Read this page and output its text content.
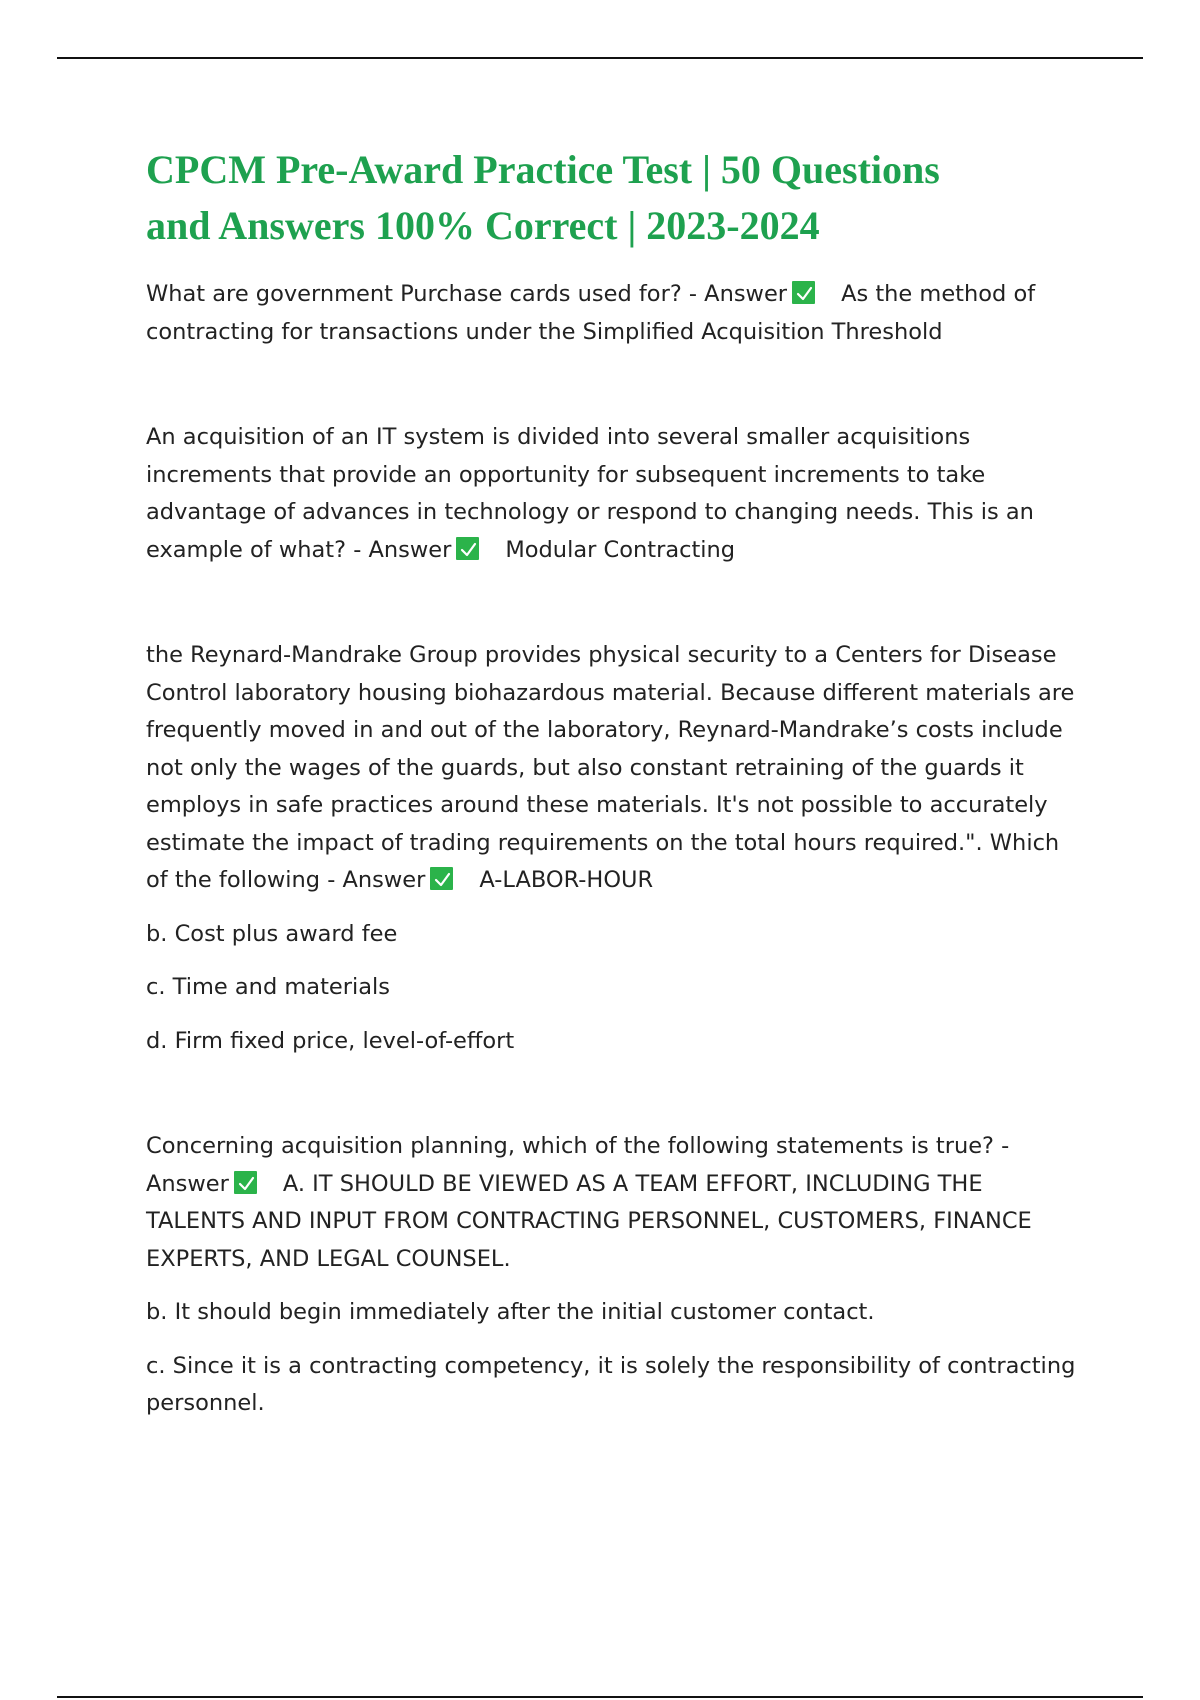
CPCM Pre-Award Practice Test | 50 Questions
and Answers 100% Correct | 2023-2024

What are government Purchase cards used for? - Answer As the method of
contracting for transactions under the Simplified Acquisition Threshold

An acquisition of an IT system is divided into several smaller acquisitions
increments that provide an opportunity for subsequent increments to take
advantage of advances in technology or respond to changing needs. This is an
example of what? - Answer Modular Contracting

the Reynard-Mandrake Group provides physical security to a Centers for Disease
Control laboratory housing biohazardous material. Because different materials are
frequently moved in and out of the laboratory, Reynard-Mandrake’s costs include
not only the wages of the guards, but also constant retraining of the guards it
employs in safe practices around these materials. It's not possible to accurately
estimate the impact of trading requirements on the total hours required.". Which
of the following - Answer A-LABOR-HOUR

b. Cost plus award fee

c. Time and materials

d. Firm fixed price, level-of-effort

Concerning acquisition planning, which of the following statements is true? -
Answer A. IT SHOULD BE VIEWED AS A TEAM EFFORT, INCLUDING THE
TALENTS AND INPUT FROM CONTRACTING PERSONNEL, CUSTOMERS, FINANCE
EXPERTS, AND LEGAL COUNSEL.

b. It should begin immediately after the initial customer contact.

c. Since it is a contracting competency, it is solely the responsibility of contracting
personnel.
